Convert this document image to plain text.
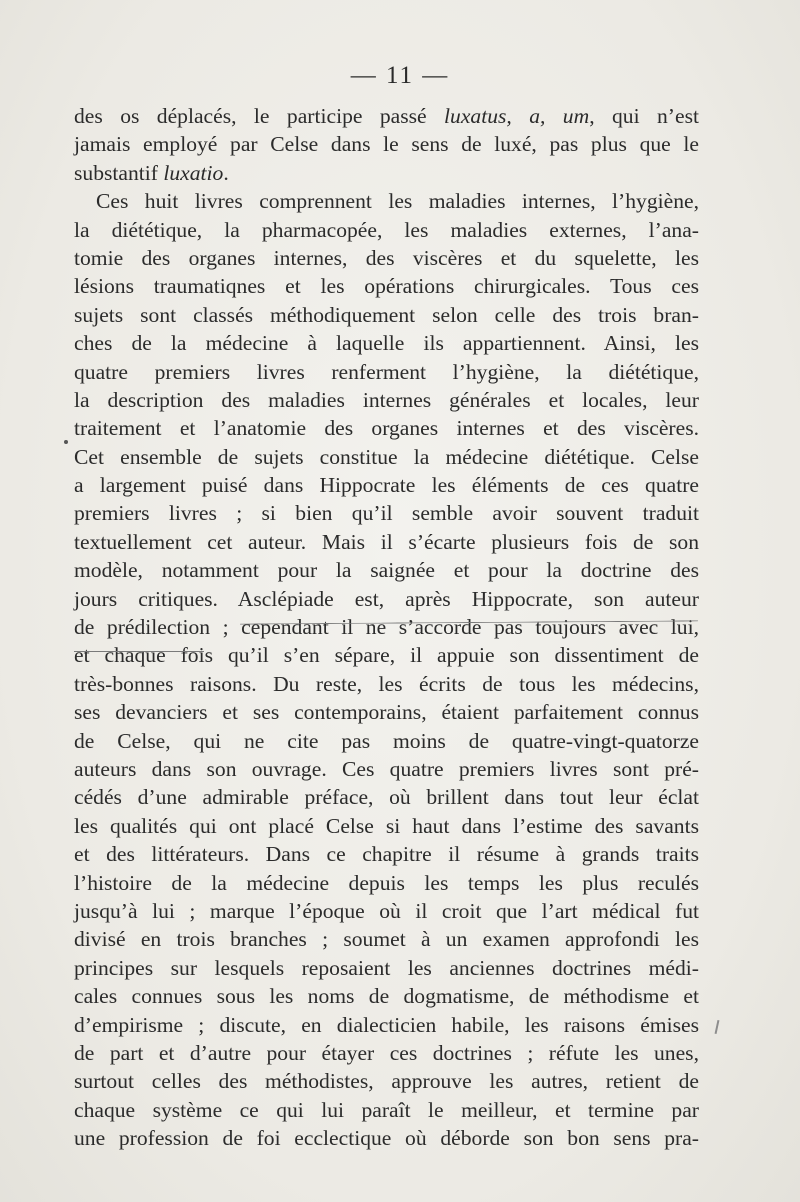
— 11 —
des os déplacés, le participe passé luxatus, a, um, qui n’est
jamais employé par Celse dans le sens de luxé, pas plus que le
substantif luxatio.
Ces huit livres comprennent les maladies internes, l’hygiène,
la diététique, la pharmacopée, les maladies externes, l’ana-
tomie des organes internes, des viscères et du squelette, les
lésions traumatiqnes et les opérations chirurgicales. Tous ces
sujets sont classés méthodiquement selon celle des trois bran-
ches de la médecine à laquelle ils appartiennent. Ainsi, les
quatre premiers livres renferment l’hygiène, la diététique,
la description des maladies internes générales et locales, leur
traitement et l’anatomie des organes internes et des viscères.
Cet ensemble de sujets constitue la médecine diététique. Celse
a largement puisé dans Hippocrate les éléments de ces quatre
premiers livres ; si bien qu’il semble avoir souvent traduit
textuellement cet auteur. Mais il s’écarte plusieurs fois de son
modèle, notamment pour la saignée et pour la doctrine des
jours critiques. Asclépiade est, après Hippocrate, son auteur
de prédilection ; cependant il ne s’accorde pas toujours avec lui,
et chaque fois qu’il s’en sépare, il appuie son dissentiment de
très-bonnes raisons. Du reste, les écrits de tous les médecins,
ses devanciers et ses contemporains, étaient parfaitement connus
de Celse, qui ne cite pas moins de quatre-vingt-quatorze
auteurs dans son ouvrage. Ces quatre premiers livres sont pré-
cédés d’une admirable préface, où brillent dans tout leur éclat
les qualités qui ont placé Celse si haut dans l’estime des savants
et des littérateurs. Dans ce chapitre il résume à grands traits
l’histoire de la médecine depuis les temps les plus reculés
jusqu’à lui ; marque l’époque où il croit que l’art médical fut
divisé en trois branches ; soumet à un examen approfondi les
principes sur lesquels reposaient les anciennes doctrines médi-
cales connues sous les noms de dogmatisme, de méthodisme et
d’empirisme ; discute, en dialecticien habile, les raisons émises
de part et d’autre pour étayer ces doctrines ; réfute les unes,
surtout celles des méthodistes, approuve les autres, retient de
chaque système ce qui lui paraît le meilleur, et termine par
une profession de foi ecclectique où déborde son bon sens pra-
